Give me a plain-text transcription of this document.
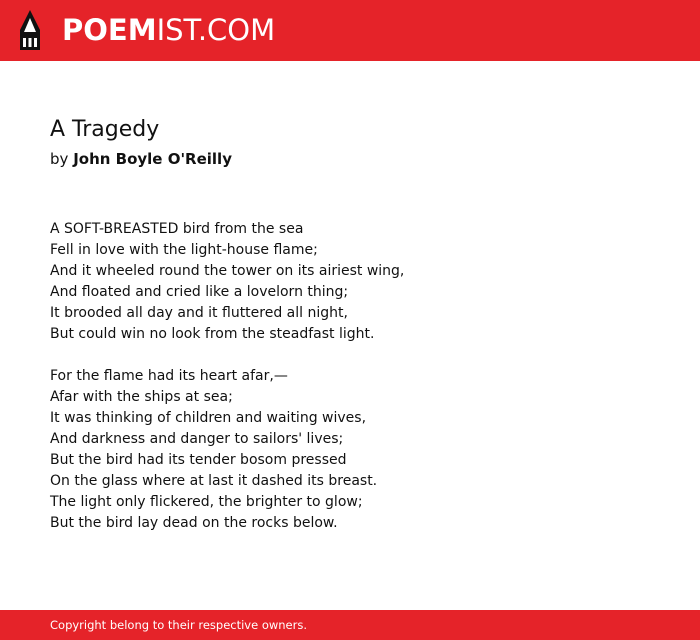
POEM IST.COM
A Tragedy
by John Boyle O'Reilly
A SOFT-BREASTED bird from the sea
Fell in love with the light-house flame;
And it wheeled round the tower on its airiest wing,
And floated and cried like a lovelorn thing;
It brooded all day and it fluttered all night,
But could win no look from the steadfast light.
For the flame had its heart afar,—
Afar with the ships at sea;
It was thinking of children and waiting wives,
And darkness and danger to sailors' lives;
But the bird had its tender bosom pressed
On the glass where at last it dashed its breast.
The light only flickered, the brighter to glow;
But the bird lay dead on the rocks below.
Copyright belong to their respective owners.
